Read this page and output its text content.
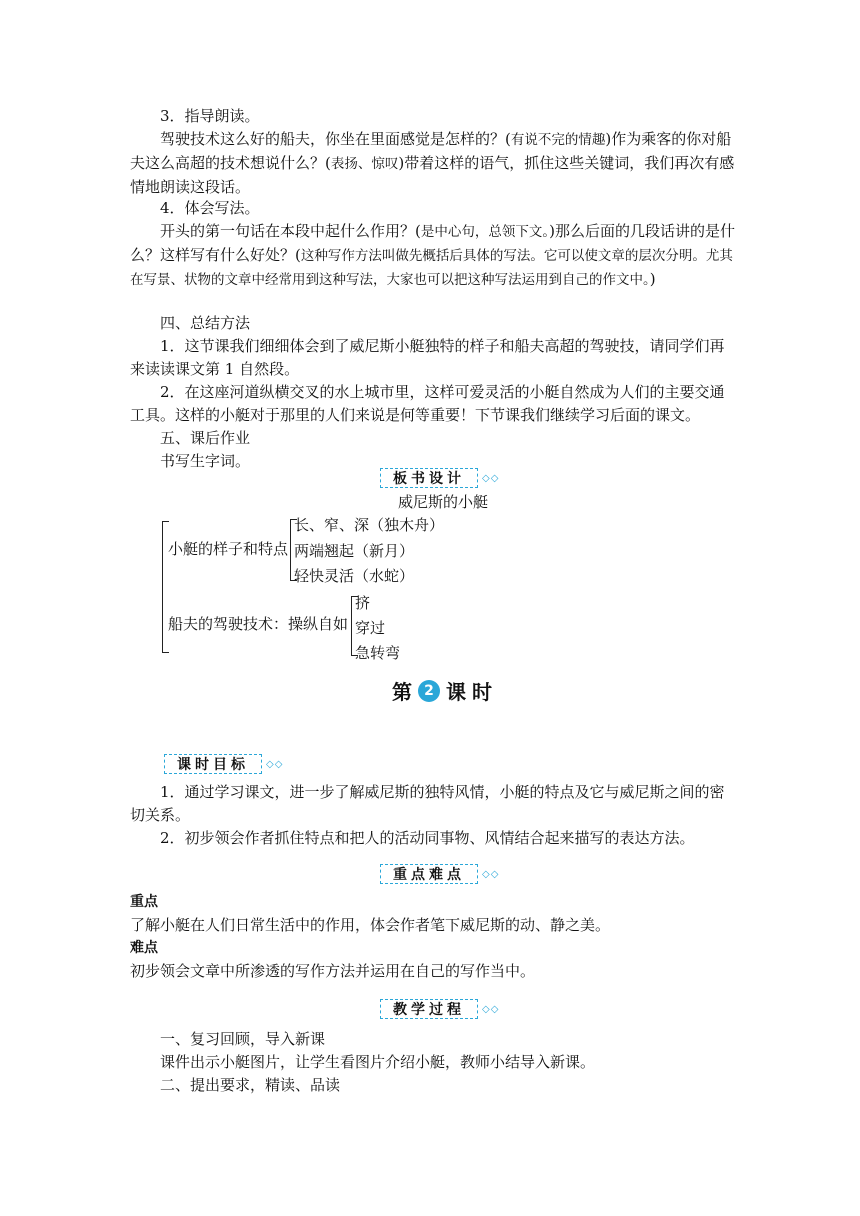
3．指导朗读。
驾驶技术这么好的船夫，你坐在里面感觉是怎样的？(有说不完的情趣)作为乘客的你对船夫这么高超的技术想说什么？(表扬、惊叹)带着这样的语气，抓住这些关键词，我们再次有感情地朗读这段话。
4．体会写法。
开头的第一句话在本段中起什么作用？(是中心句，总领下文。)那么后面的几段话讲的是什么？这样写有什么好处？(这种写作方法叫做先概括后具体的写法。它可以使文章的层次分明。尤其在写景、状物的文章中经常用到这种写法，大家也可以把这种写法运用到自己的作文中。)
四、总结方法
1．这节课我们细细体会到了威尼斯小艇独特的样子和船夫高超的驾驶技，请同学们再来读读课文第 1 自然段。
2．在这座河道纵横交叉的水上城市里，这样可爱灵活的小艇自然成为人们的主要交通工具。这样的小艇对于那里的人们来说是何等重要！下节课我们继续学习后面的课文。
五、课后作业
书写生字词。
板书设计 ◇◇
威尼斯的小艇
小艇的样子和特点
长、窄、深（独木舟）
两端翘起（新月）
轻快灵活（水蛇）
船夫的驾驶技术：操纵自如
挤
穿过
急转弯
第 2 课时
课时目标 ◇◇
1．通过学习课文，进一步了解威尼斯的独特风情，小艇的特点及它与威尼斯之间的密切关系。
2．初步领会作者抓住特点和把人的活动同事物、风情结合起来描写的表达方法。
重点难点 ◇◇
重点
了解小艇在人们日常生活中的作用，体会作者笔下威尼斯的动、静之美。
难点
初步领会文章中所渗透的写作方法并运用在自己的写作当中。
教学过程 ◇◇
一、复习回顾，导入新课
课件出示小艇图片，让学生看图片介绍小艇，教师小结导入新课。
二、提出要求，精读、品读
